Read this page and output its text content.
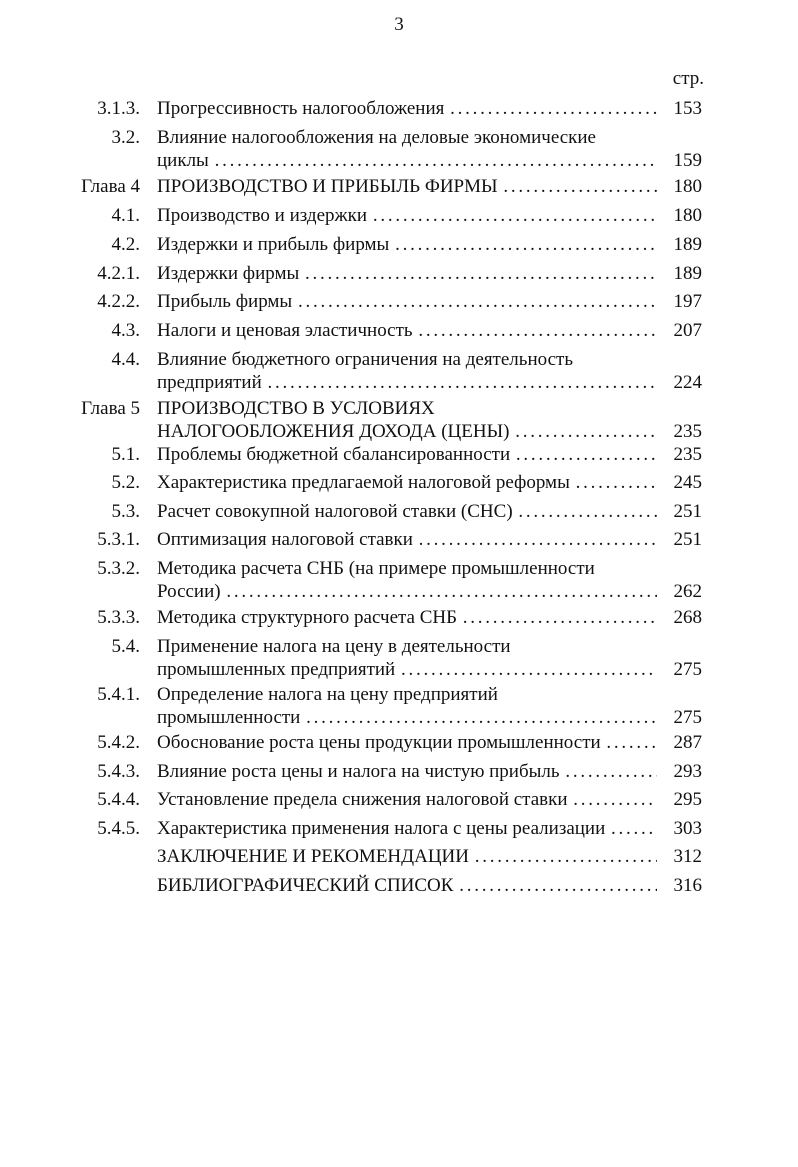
3
стр.
3.1.3. Прогрессивность налогообложения . . .	153
3.2. Влияние налогообложения на деловые экономические
циклы . . .	159
Глава 4 ПРОИЗВОДСТВО И ПРИБЫЛЬ ФИРМЫ . . .	180
4.1. Производство и издержки . . .	180
4.2. Издержки и прибыль фирмы . . .	189
4.2.1. Издержки фирмы . . .	189
4.2.2. Прибыль фирмы . . .	197
4.3. Налоги и ценовая эластичность . . .	207
4.4. Влияние бюджетного ограничения на деятельность
предприятий . . .	224
Глава 5 ПРОИЗВОДСТВО В УСЛОВИЯХ
НАЛОГООБЛОЖЕНИЯ ДОХОДА (ЦЕНЫ) . . .	235
5.1. Проблемы бюджетной сбалансированности . . .	235
5.2. Характеристика предлагаемой налоговой реформы . . .	245
5.3. Расчет совокупной налоговой ставки (СНС) . . .	251
5.3.1. Оптимизация налоговой ставки . . .	251
5.3.2. Методика расчета СНБ (на примере промышленности
России) . . .	262
5.3.3. Методика структурного расчета СНБ . . .	268
5.4. Применение налога на цену в деятельности
промышленных предприятий . . .	275
5.4.1. Определение налога на цену предприятий
промышленности . . .	275
5.4.2. Обоснование роста цены продукции промышленности . . .	287
5.4.3. Влияние роста цены и налога на чистую прибыль . . .	293
5.4.4. Установление предела снижения налоговой ставки . . .	295
5.4.5. Характеристика применения налога с цены реализации . . .	303
ЗАКЛЮЧЕНИЕ И РЕКОМЕНДАЦИИ . . .	312
БИБЛИОГРАФИЧЕСКИЙ СПИСОК . . .	316
